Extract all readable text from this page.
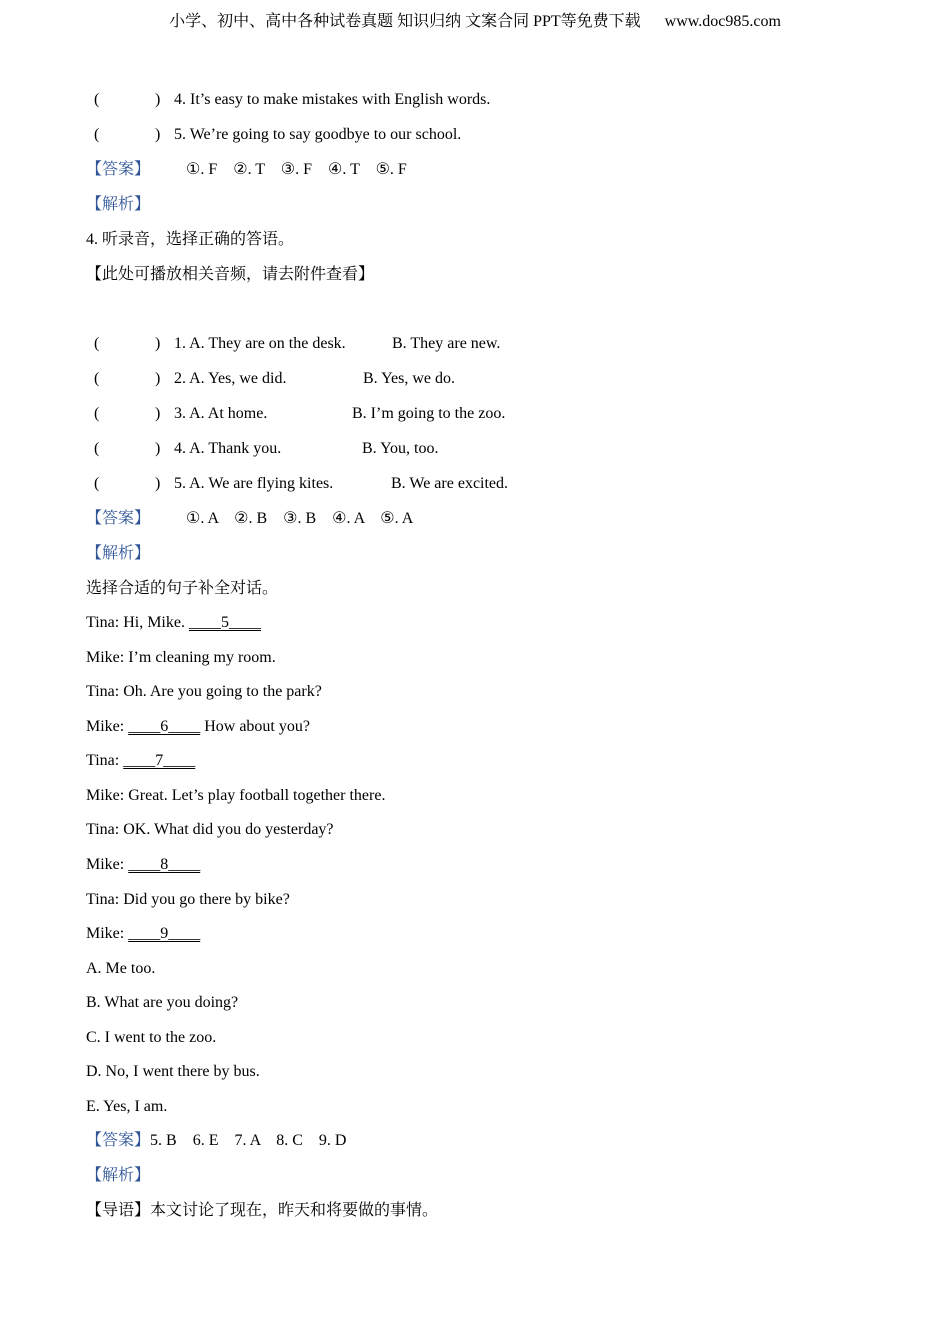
小学、初中、高中各种试卷真题 知识归纳 文案合同 PPT等免费下载 www.doc985.com
(	) 4. It’s easy to make mistakes with English words.
(	) 5. We’re going to say goodbye to our school.
【答案】 ①. F    ②. T    ③. F    ④. T    ⑤. F
【解析】
4. 听录音，选择正确的答语。
【此处可播放相关音频，请去附件查看】
(	) 1. A. They are on the desk.	B. They are new.
(	) 2. A. Yes, we did.	B. Yes, we do.
(	) 3. A. At home.	B. I’m going to the zoo.
(	) 4. A. Thank you.	B. You, too.
(	) 5. A. We are flying kites.	B. We are excited.
【答案】 ①. A    ②. B    ③. B    ④. A    ⑤. A
【解析】
选择合适的句子补全对话。
Tina: Hi, Mike. ____5____
Mike: I’m cleaning my room.
Tina: Oh. Are you going to the park?
Mike: ____6____ How about you?
Tina: ____7____
Mike: Great. Let’s play football together there.
Tina: OK. What did you do yesterday?
Mike: ____8____
Tina: Did you go there by bike?
Mike: ____9____
A. Me too.
B. What are you doing?
C. I went to the zoo.
D. No, I went there by bus.
E. Yes, I am.
【答案】5. B    6. E    7. A    8. C    9. D
【解析】
【导语】本文讨论了现在，昨天和将要做的事情。
